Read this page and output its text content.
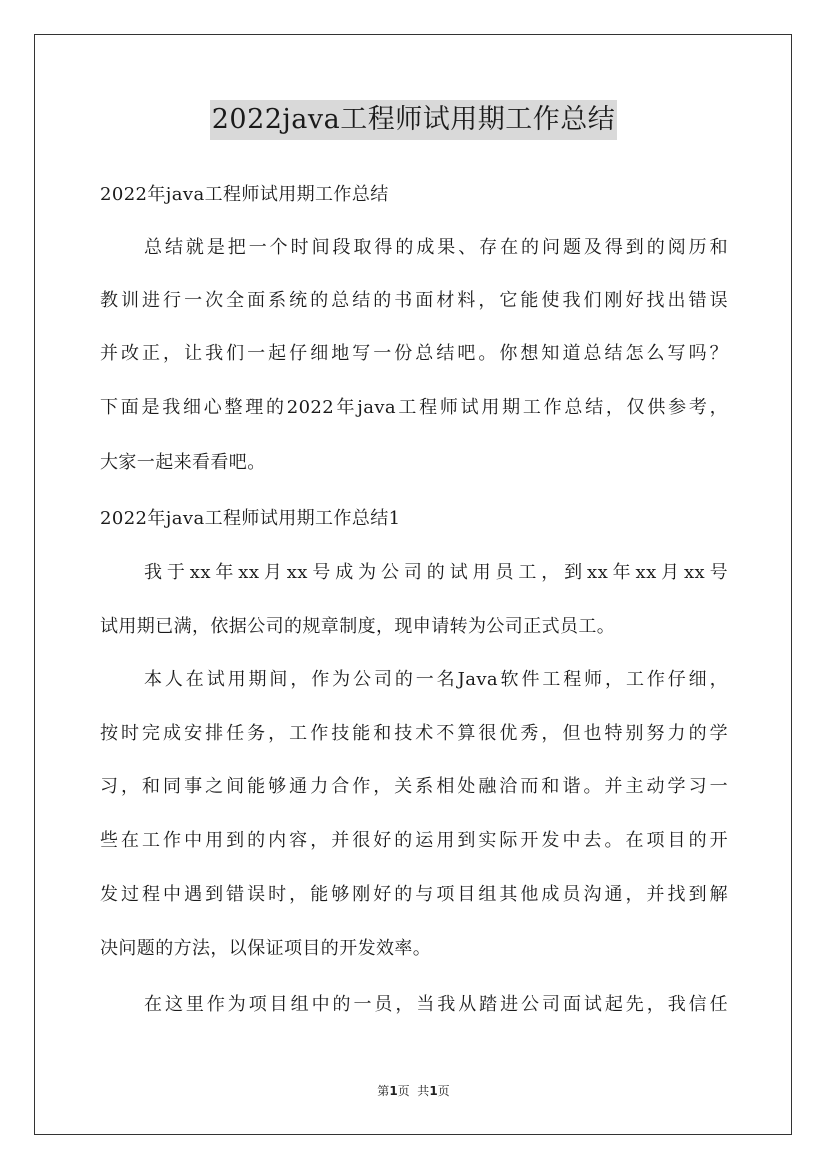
2022java工程师试用期工作总结
2022年java工程师试用期工作总结
总结就是把一个时间段取得的成果、存在的问题及得到的阅历和
教训进行一次全面系统的总结的书面材料，它能使我们刚好找出错误
并改正，让我们一起仔细地写一份总结吧。你想知道总结怎么写吗？
下面是我细心整理的2022年java工程师试用期工作总结，仅供参考，
大家一起来看看吧。
2022年java工程师试用期工作总结1
我于xx年xx月xx号成为公司的试用员工，到xx年xx月xx号
试用期已满，依据公司的规章制度，现申请转为公司正式员工。
本人在试用期间，作为公司的一名Java软件工程师，工作仔细，
按时完成安排任务，工作技能和技术不算很优秀，但也特别努力的学
习，和同事之间能够通力合作，关系相处融洽而和谐。并主动学习一
些在工作中用到的内容，并很好的运用到实际开发中去。在项目的开
发过程中遇到错误时，能够刚好的与项目组其他成员沟通，并找到解
决问题的方法，以保证项目的开发效率。
在这里作为项目组中的一员，当我从踏进公司面试起先，我信任
第1页  共1页
